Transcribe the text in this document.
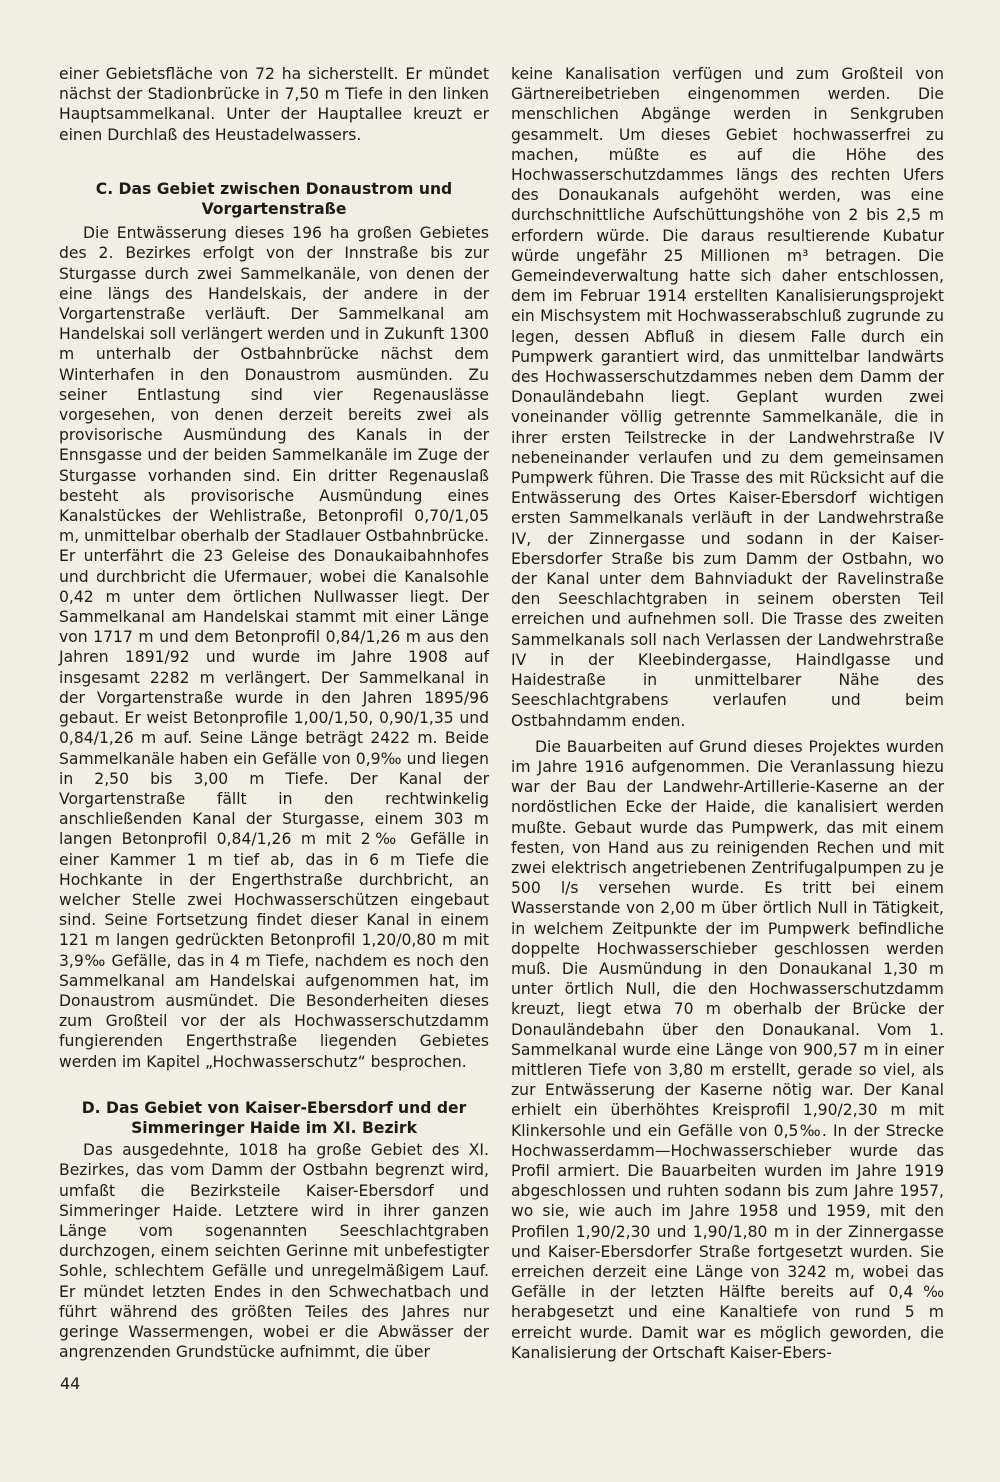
einer Gebietsfläche von 72 ha sicherstellt. Er mündet nächst der Stadionbrücke in 7,50 m Tiefe in den linken Hauptsammelkanal. Unter der Hauptallee kreuzt er einen Durchlaß des Heustadelwassers.

C. Das Gebiet zwischen Donaustrom und Vorgartenstraße

Die Entwässerung dieses 196 ha großen Gebietes des 2. Bezirkes erfolgt von der Innstraße bis zur Sturgasse durch zwei Sammelkanäle, von denen der eine längs des Handelskais, der andere in der Vorgartenstraße verläuft. Der Sammelkanal am Handelskai soll verlängert werden und in Zukunft 1300 m unterhalb der Ostbahnbrücke nächst dem Winterhafen in den Donaustrom ausmünden. Zu seiner Entlastung sind vier Regenauslässe vorgesehen, von denen derzeit bereits zwei als provisorische Ausmündung des Kanals in der Ennsgasse und der beiden Sammelkanäle im Zuge der Sturgasse vorhanden sind. Ein dritter Regenauslaß besteht als provisorische Ausmündung eines Kanalstückes der Wehlistraße, Betonprofil 0,70/1,05 m, unmittelbar oberhalb der Stadlauer Ostbahnbrücke. Er unterfährt die 23 Geleise des Donaukaibahnhofes und durchbricht die Ufermauer, wobei die Kanalsohle 0,42 m unter dem örtlichen Nullwasser liegt. Der Sammelkanal am Handelskai stammt mit einer Länge von 1717 m und dem Betonprofil 0,84/1,26 m aus den Jahren 1891/92 und wurde im Jahre 1908 auf insgesamt 2282 m verlängert. Der Sammelkanal in der Vorgartenstraße wurde in den Jahren 1895/96 gebaut. Er weist Betonprofile 1,00/1,50, 0,90/1,35 und 0,84/1,26 m auf. Seine Länge beträgt 2422 m. Beide Sammelkanäle haben ein Gefälle von 0,9‰ und liegen in 2,50 bis 3,00 m Tiefe. Der Kanal der Vorgartenstraße fällt in den rechtwinkelig anschließenden Kanal der Sturgasse, einem 303 m langen Betonprofil 0,84/1,26 m mit 2‰ Gefälle in einer Kammer 1 m tief ab, das in 6 m Tiefe die Hochkante in der Engerthstraße durchbricht, an welcher Stelle zwei Hochwasserschützen eingebaut sind. Seine Fortsetzung findet dieser Kanal in einem 121 m langen gedrückten Betonprofil 1,20/0,80 m mit 3,9‰ Gefälle, das in 4 m Tiefe, nachdem es noch den Sammelkanal am Handelskai aufgenommen hat, im Donaustrom ausmündet. Die Besonderheiten dieses zum Großteil vor der als Hochwasserschutzdamm fungierenden Engerthstraße liegenden Gebietes werden im Kapitel „Hochwasserschutz“ besprochen.

D. Das Gebiet von Kaiser-Ebersdorf und der Simmeringer Haide im XI. Bezirk

Das ausgedehnte, 1018 ha große Gebiet des XI. Bezirkes, das vom Damm der Ostbahn begrenzt wird, umfaßt die Bezirksteile Kaiser-Ebersdorf und Simmeringer Haide. Letztere wird in ihrer ganzen Länge vom sogenannten Seeschlachtgraben durchzogen, einem seichten Gerinne mit unbefestigter Sohle, schlechtem Gefälle und unregelmäßigem Lauf. Er mündet letzten Endes in den Schwechatbach und führt während des größten Teiles des Jahres nur geringe Wassermengen, wobei er die Abwässer der angrenzenden Grundstücke aufnimmt, die über

keine Kanalisation verfügen und zum Großteil von Gärtnereibetrieben eingenommen werden. Die menschlichen Abgänge werden in Senkgruben gesammelt. Um dieses Gebiet hochwasserfrei zu machen, müßte es auf die Höhe des Hochwasserschutzdammes längs des rechten Ufers des Donaukanals aufgehöht werden, was eine durchschnittliche Aufschüttungshöhe von 2 bis 2,5 m erfordern würde. Die daraus resultierende Kubatur würde ungefähr 25 Millionen m³ betragen. Die Gemeindeverwaltung hatte sich daher entschlossen, dem im Februar 1914 erstellten Kanalisierungsprojekt ein Mischsystem mit Hochwasserabschluß zugrunde zu legen, dessen Abfluß in diesem Falle durch ein Pumpwerk garantiert wird, das unmittelbar landwärts des Hochwasserschutzdammes neben dem Damm der Donauländebahn liegt. Geplant wurden zwei voneinander völlig getrennte Sammelkanäle, die in ihrer ersten Teilstrecke in der Landwehrstraße IV nebeneinander verlaufen und zu dem gemeinsamen Pumpwerk führen. Die Trasse des mit Rücksicht auf die Entwässerung des Ortes Kaiser-Ebersdorf wichtigen ersten Sammelkanals verläuft in der Landwehrstraße IV, der Zinnergasse und sodann in der Kaiser-Ebersdorfer Straße bis zum Damm der Ostbahn, wo der Kanal unter dem Bahnviadukt der Ravelinstraße den Seeschlachtgraben in seinem obersten Teil erreichen und aufnehmen soll. Die Trasse des zweiten Sammelkanals soll nach Verlassen der Landwehrstraße IV in der Kleebindergasse, Haindlgasse und Haidestraße in unmittelbarer Nähe des Seeschlachtgrabens verlaufen und beim Ostbahndamm enden.

Die Bauarbeiten auf Grund dieses Projektes wurden im Jahre 1916 aufgenommen. Die Veranlassung hiezu war der Bau der Landwehr-Artillerie-Kaserne an der nordöstlichen Ecke der Haide, die kanalisiert werden mußte. Gebaut wurde das Pumpwerk, das mit einem festen, von Hand aus zu reinigenden Rechen und mit zwei elektrisch angetriebenen Zentrifugalpumpen zu je 500 l/s versehen wurde. Es tritt bei einem Wasserstande von 2,00 m über örtlich Null in Tätigkeit, in welchem Zeitpunkte der im Pumpwerk befindliche doppelte Hochwasserschieber geschlossen werden muß. Die Ausmündung in den Donaukanal 1,30 m unter örtlich Null, die den Hochwasserschutzdamm kreuzt, liegt etwa 70 m oberhalb der Brücke der Donauländebahn über den Donaukanal. Vom 1. Sammelkanal wurde eine Länge von 900,57 m in einer mittleren Tiefe von 3,80 m erstellt, gerade so viel, als zur Entwässerung der Kaserne nötig war. Der Kanal erhielt ein überhöhtes Kreisprofil 1,90/2,30 m mit Klinkersohle und ein Gefälle von 0,5‰. In der Strecke Hochwasserdamm—Hochwasserschieber wurde das Profil armiert. Die Bauarbeiten wurden im Jahre 1919 abgeschlossen und ruhten sodann bis zum Jahre 1957, wo sie, wie auch im Jahre 1958 und 1959, mit den Profilen 1,90/2,30 und 1,90/1,80 m in der Zinnergasse und Kaiser-Ebersdorfer Straße fortgesetzt wurden. Sie erreichen derzeit eine Länge von 3242 m, wobei das Gefälle in der letzten Hälfte bereits auf 0,4‰ herabgesetzt und eine Kanaltiefe von rund 5 m erreicht wurde. Damit war es möglich geworden, die Kanalisierung der Ortschaft Kaiser-Ebers-

44
